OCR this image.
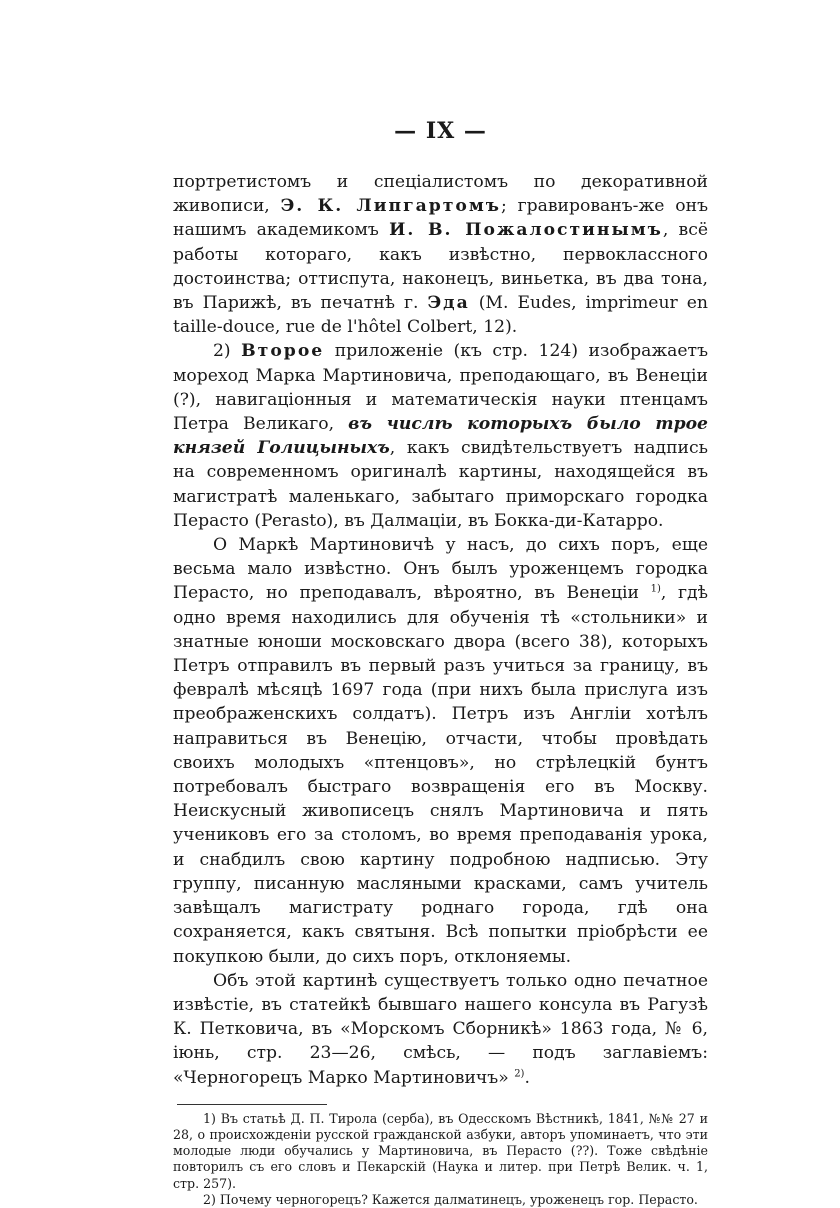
— IX —

портретистомъ и спеціалистомъ по декоративной живописи, Э. К. Липгартомъ; гравированъ-же онъ нашимъ академикомъ И. В. Пожалостинымъ, всё работы котораго, какъ извѣстно, первоклассного достоинства; оттиспута, наконецъ, виньетка, въ два тона, въ Парижѣ, въ печатнѣ г. Эда (M. Eudes, imprimeur en taille-douce, rue de l'hôtel Colbert, 12).

2) Второе приложеніе (къ стр. 124) изображаетъ мореход Марка Мартиновича, преподающаго, въ Венеціи (?), навигаціонныя и математическія науки птенцамъ Петра Великаго, въ числѣ которыхъ было трое князей Голицыныхъ, какъ свидѣтельствуетъ надпись на современномъ оригиналѣ картины, находящейся въ магистратѣ маленькаго, забытаго приморскаго городка Перасто (Perasto), въ Далмаціи, въ Бокка-ди-Катарро.

О Маркѣ Мартиновичѣ у насъ, до сихъ поръ, еще весьма мало извѣстно. Онъ былъ уроженцемъ городка Перасто, но преподавалъ, вѣроятно, въ Венеціи $^{1)}$, гдѣ одно время находились для обученія тѣ «стольники» и знатные юноши московскаго двора (всего 38), которыхъ Петръ отправилъ въ первый разъ учиться за границу, въ февралѣ мѣсяцѣ 1697 года (при нихъ была прислуга изъ преображенскихъ солдатъ). Петръ изъ Англіи хотѣлъ направиться въ Венецію, отчасти, чтобы провѣдать своихъ молодыхъ «птенцовъ», но стрѣлецкій бунтъ потребовалъ быстраго возвращенія его въ Москву. Неискусный живописецъ снялъ Мартиновича и пять учениковъ его за столомъ, во время преподаванія урока, и снабдилъ свою картину подробною надписью. Эту группу, писанную масляными красками, самъ учитель завѣщалъ магистрату роднаго города, гдѣ она сохраняется, какъ святыня. Всѣ попытки пріобрѣсти ее покупкою были, до сихъ поръ, отклоняемы.

Объ этой картинѣ существуетъ только одно печатное извѣстіе, въ статейкѣ бывшаго нашего консула въ Рагузѣ К. Петковича, въ «Морскомъ Сборникѣ» 1863 года, № 6, іюнь, стр. 23—26, смѣсь, — подъ заглавіемъ: «Черногорецъ Марко Мартиновичъ» $^{2)}$.

1) Въ статьѣ Д. П. Тирола (серба), въ Одесскомъ Вѣстникѣ, 1841, №№ 27 и 28, о происхожденіи русской гражданской азбуки, авторъ упоминаетъ, что эти молодые люди обучались у Мартиновича, въ Перасто (??). Тоже свѣдѣніе повторилъ съ его словъ и Пекарскій (Наука и литер. при Петрѣ Велик. ч. 1, стр. 257).

2) Почему черногорецъ? Кажется далматинецъ, уроженецъ гор. Перасто.
